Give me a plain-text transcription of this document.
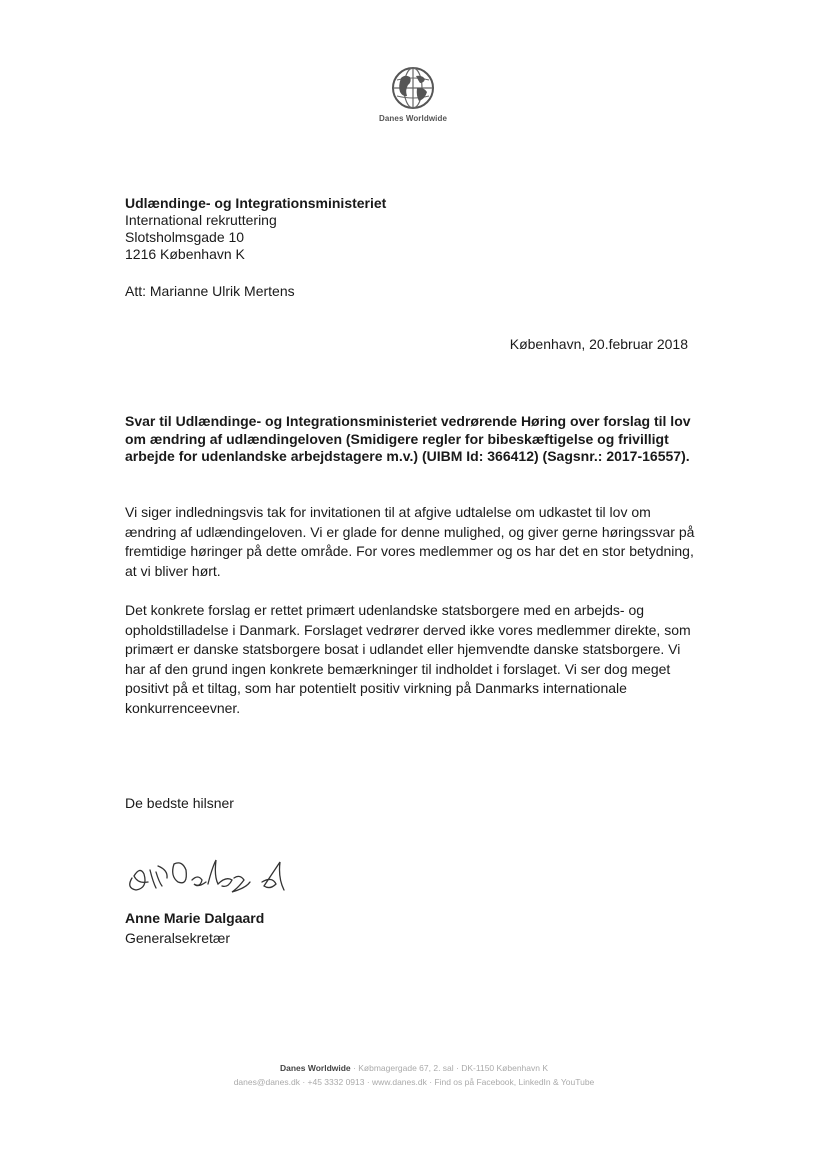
Danes Worldwide
Udlændinge- og Integrationsministeriet
International rekruttering
Slotsholmsgade 10
1216 København K
Att: Marianne Ulrik Mertens
København, 20.februar 2018
Svar til Udlændinge- og Integrationsministeriet vedrørende Høring over forslag til lov om ændring af udlændingeloven (Smidigere regler for bibeskæftigelse og frivilligt arbejde for udenlandske arbejdstagere m.v.) (UIBM Id: 366412) (Sagsnr.: 2017-16557).
Vi siger indledningsvis tak for invitationen til at afgive udtalelse om udkastet til lov om ændring af udlændingeloven. Vi er glade for denne mulighed, og giver gerne høringssvar på fremtidige høringer på dette område. For vores medlemmer og os har det en stor betydning, at vi bliver hørt.
Det konkrete forslag er rettet primært udenlandske statsborgere med en arbejds- og opholdstilladelse i Danmark. Forslaget vedrører derved ikke vores medlemmer direkte, som primært er danske statsborgere bosat i udlandet eller hjemvendte danske statsborgere. Vi har af den grund ingen konkrete bemærkninger til indholdet i forslaget. Vi ser dog meget positivt på et tiltag, som har potentielt positiv virkning på Danmarks internationale konkurrenceevner.
De bedste hilsner
Anne Marie Dalgaard
Generalsekretær
Danes Worldwide · Købmagergade 67, 2. sal · DK-1150 København K
danes@danes.dk · +45 3332 0913 · www.danes.dk · Find os på Facebook, LinkedIn & YouTube
